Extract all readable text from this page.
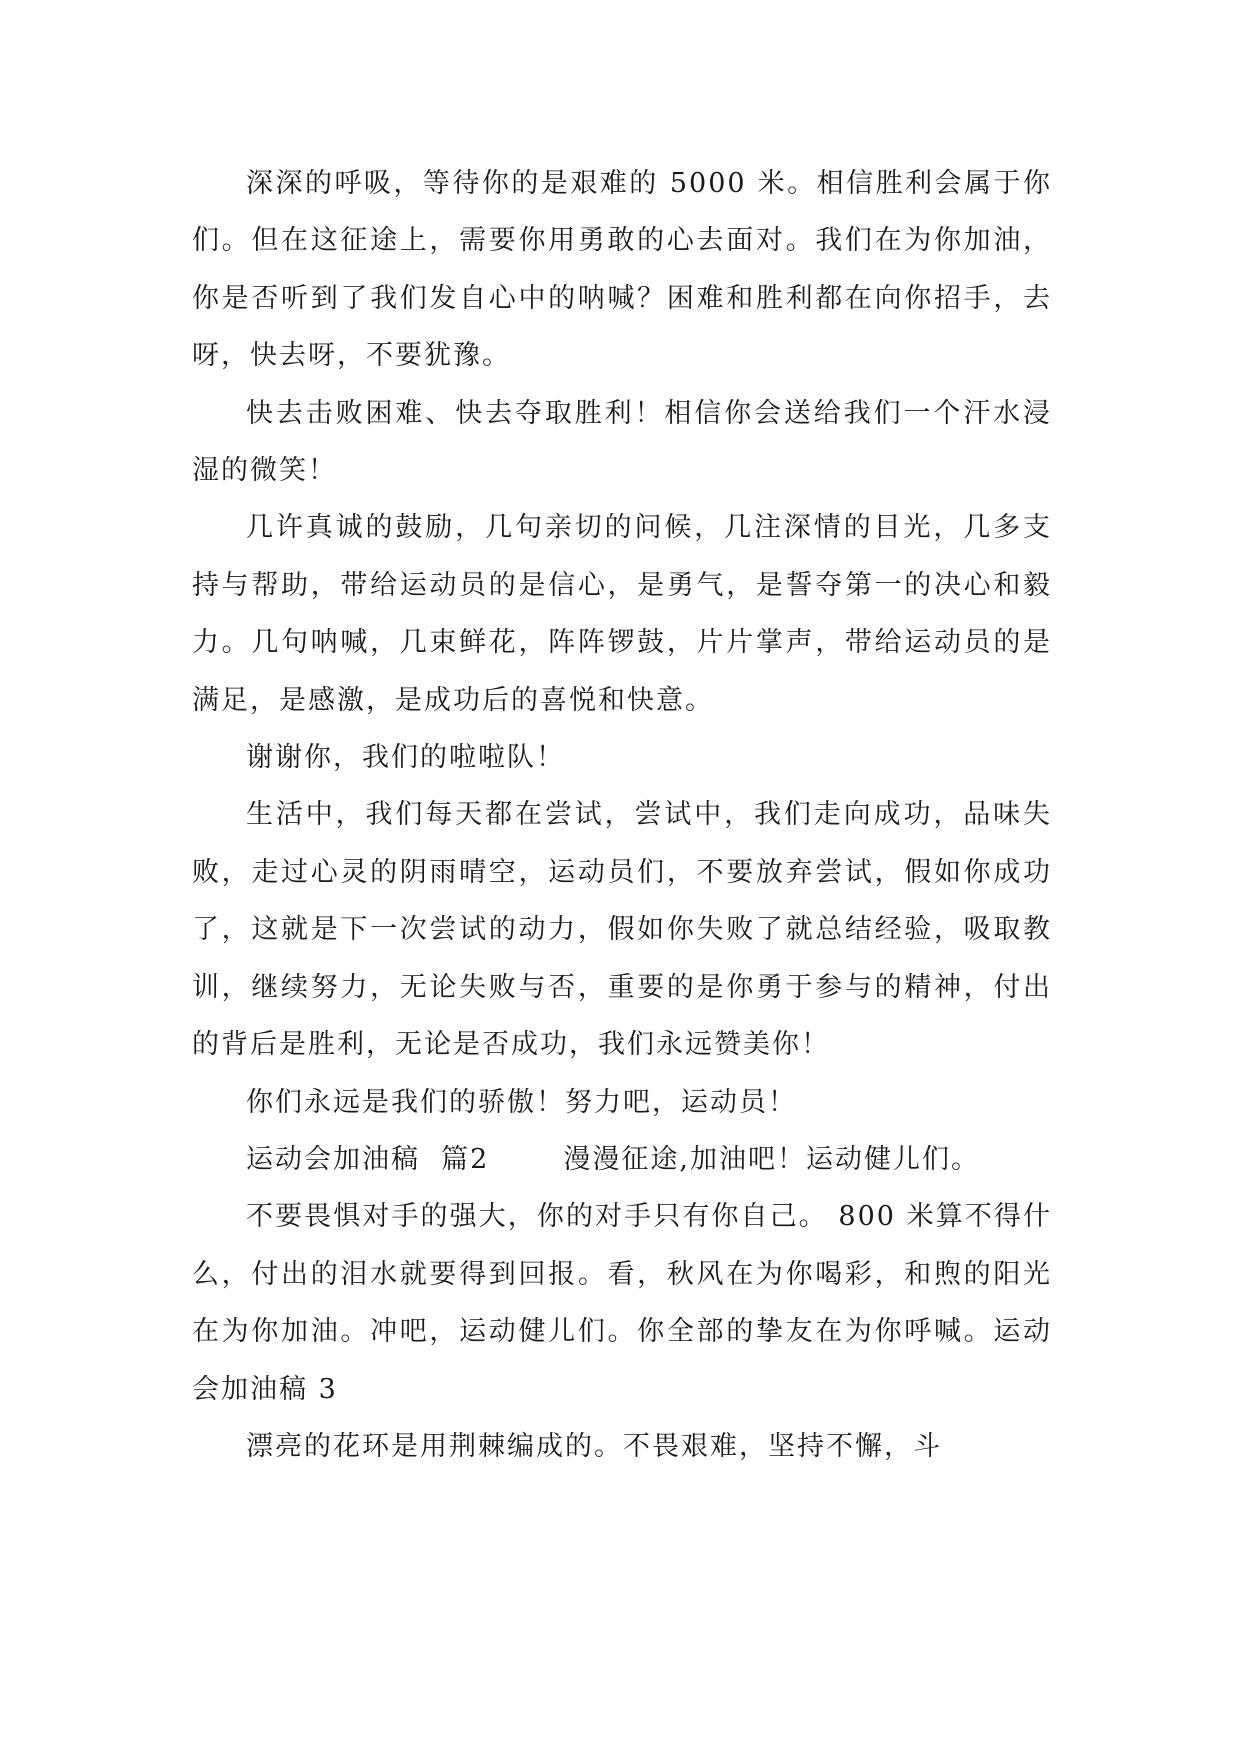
深深的呼吸，等待你的是艰难的 5000 米。相信胜利会属于你们。但在这征途上，需要你用勇敢的心去面对。我们在为你加油，你是否听到了我们发自心中的呐喊？困难和胜利都在向你招手，去呀，快去呀，不要犹豫。

快去击败困难、快去夺取胜利！相信你会送给我们一个汗水浸湿的微笑！

几许真诚的鼓励，几句亲切的问候，几注深情的目光，几多支持与帮助，带给运动员的是信心，是勇气，是誓夺第一的决心和毅力。几句呐喊，几束鲜花，阵阵锣鼓，片片掌声，带给运动员的是满足，是感激，是成功后的喜悦和快意。

谢谢你，我们的啦啦队！

生活中，我们每天都在尝试，尝试中，我们走向成功，品味失败，走过心灵的阴雨晴空，运动员们，不要放弃尝试，假如你成功了，这就是下一次尝试的动力，假如你失败了就总结经验，吸取教训，继续努力，无论失败与否，重要的是你勇于参与的精神，付出的背后是胜利，无论是否成功，我们永远赞美你！

你们永远是我们的骄傲！努力吧，运动员！

运动会加油稿  篇2       漫漫征途,加油吧！运动健儿们。

不要畏惧对手的强大，你的对手只有你自己。 800 米算不得什么，付出的泪水就要得到回报。看，秋风在为你喝彩，和煦的阳光在为你加油。冲吧，运动健儿们。你全部的挚友在为你呼喊。运动会加油稿 3

漂亮的花环是用荆棘编成的。不畏艰难，坚持不懈，斗
